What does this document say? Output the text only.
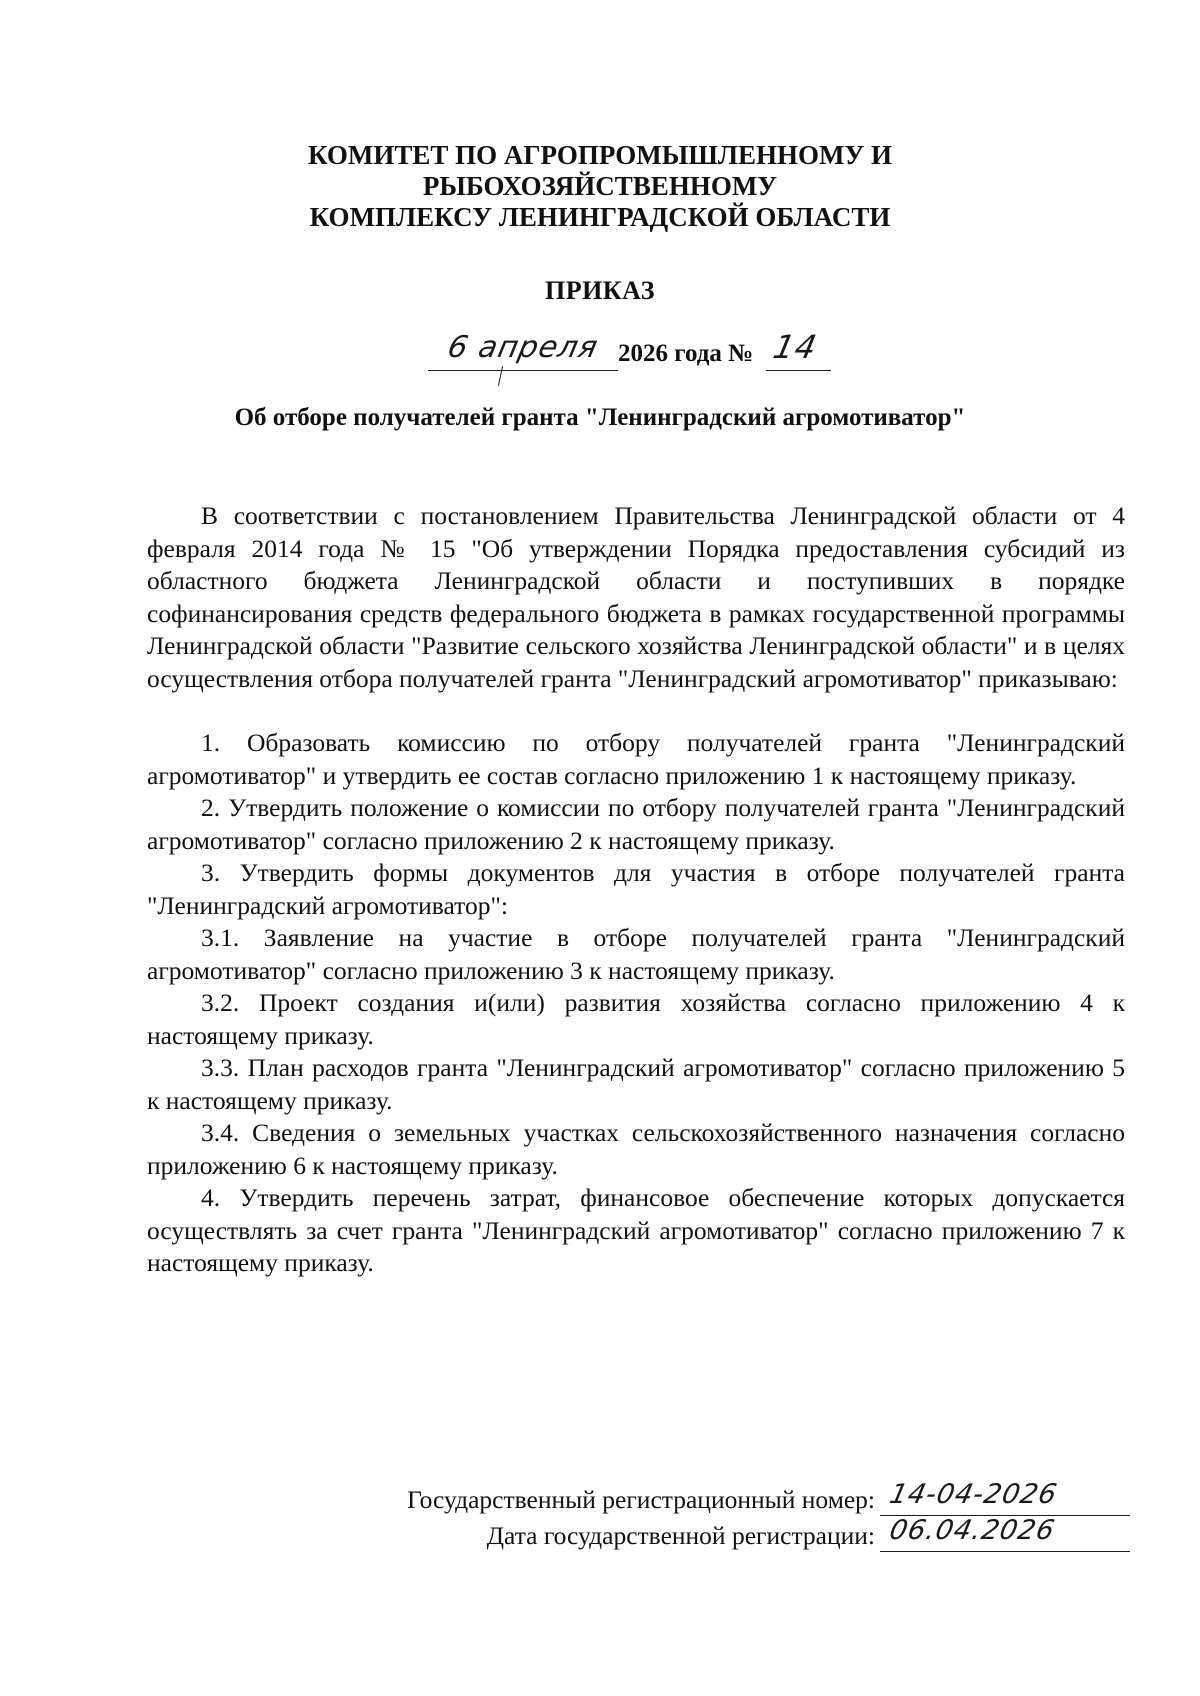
КОМИТЕТ ПО АГРОПРОМЫШЛЕННОМУ И
РЫБОХОЗЯЙСТВЕННОМУ
КОМПЛЕКСУ ЛЕНИНГРАДСКОЙ ОБЛАСТИ
ПРИКАЗ
6 апреля 2026 года № 14
Об отборе получателей гранта "Ленинградский агромотиватор"

В соответствии с постановлением Правительства Ленинградской области от 4 февраля 2014 года № 15 "Об утверждении Порядка предоставления субсидий из областного бюджета Ленинградской области и поступивших в порядке софинансирования средств федерального бюджета в рамках государственной программы Ленинградской области "Развитие сельского хозяйства Ленинградской области" и в целях осуществления отбора получателей гранта "Ленинградский агромотиватор" приказываю:

1. Образовать комиссию по отбору получателей гранта "Ленинградский агромотиватор" и утвердить ее состав согласно приложению 1 к настоящему приказу.

2. Утвердить положение о комиссии по отбору получателей гранта "Ленинградский агромотиватор" согласно приложению 2 к настоящему приказу.

3. Утвердить формы документов для участия в отборе получателей гранта "Ленинградский агромотиватор":

3.1. Заявление на участие в отборе получателей гранта "Ленинградский агромотиватор" согласно приложению 3 к настоящему приказу.

3.2. Проект создания и(или) развития хозяйства согласно приложению 4 к настоящему приказу.

3.3. План расходов гранта "Ленинградский агромотиватор" согласно приложению 5 к настоящему приказу.

3.4. Сведения о земельных участках сельскохозяйственного назначения согласно приложению 6 к настоящему приказу.

4. Утвердить перечень затрат, финансовое обеспечение которых допускается осуществлять за счет гранта "Ленинградский агромотиватор" согласно приложению 7 к настоящему приказу.

Государственный регистрационный номер: 14-04-2026
Дата государственной регистрации: 06.04.2026
